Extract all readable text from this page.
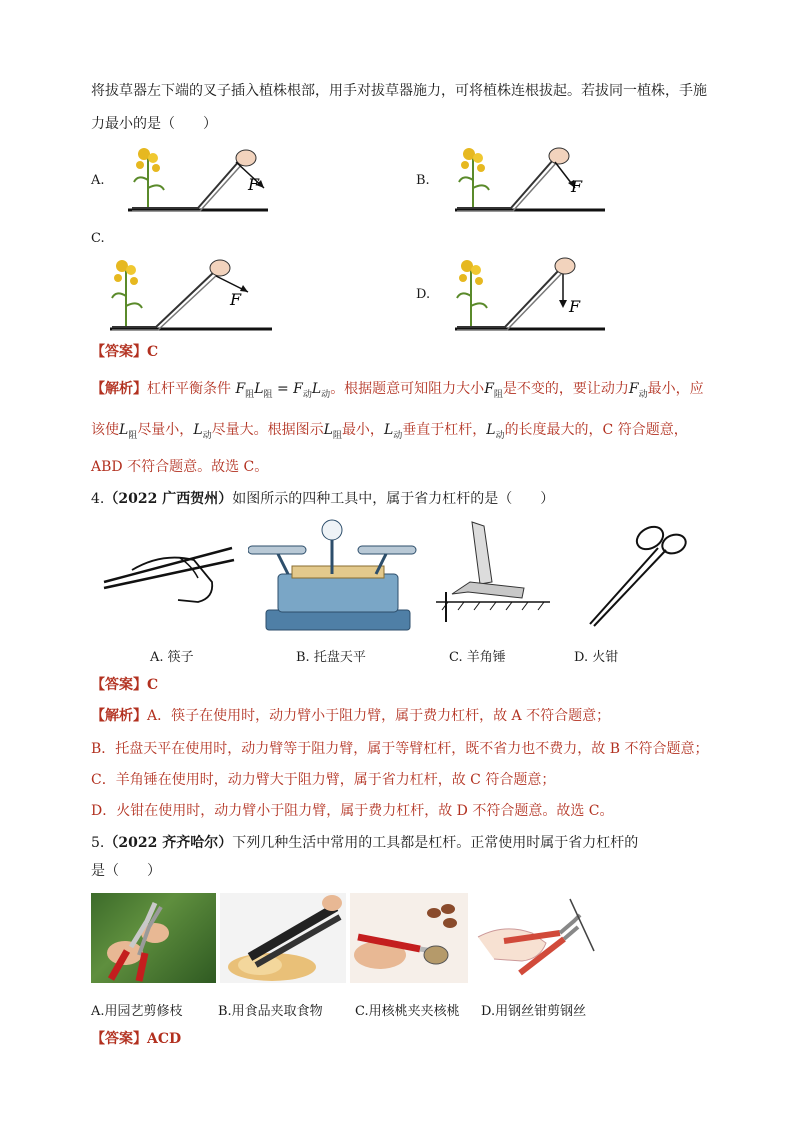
将拔草器左下端的叉子插入植株根部，用手对拔草器施力，可将植株连根拔起。若拔同一植株，手施
力最小的是（　　）
A.	F	B.	F
C.
F	D.
F
【答案】C
【解析】杠杆平衡条件 $F_阻L_阻 = F_动L_动$。根据题意可知阻力大小$F_阻$是不变的，要让动力$F_动$最小，应
该使$L_阻$尽量小，$L_动$尽量大。根据图示$L_阻$最小，$L_动$垂直于杠杆，$L_动$的长度最大的，C 符合题意，
ABD 不符合题意。故选 C。
4.（2022 广西贺州）如图所示的四种工具中，属于省力杠杆的是（　　）
A. 筷子	B. 托盘天平	C. 羊角锤	D. 火钳
【答案】C
【解析】A．筷子在使用时，动力臂小于阻力臂，属于费力杠杆，故 A 不符合题意；
B．托盘天平在使用时，动力臂等于阻力臂，属于等臂杠杆，既不省力也不费力，故 B 不符合题意；
C．羊角锤在使用时，动力臂大于阻力臂，属于省力杠杆，故 C 符合题意；
D．火钳在使用时，动力臂小于阻力臂，属于费力杠杆，故 D 不符合题意。故选 C。
5.（2022 齐齐哈尔）下列几种生活中常用的工具都是杠杆。正常使用时属于省力杠杆的
是（　　）
A.用园艺剪修枝	B.用食品夹取食物 C.用核桃夹夹核桃 D.用钢丝钳剪钢丝
【答案】ACD
